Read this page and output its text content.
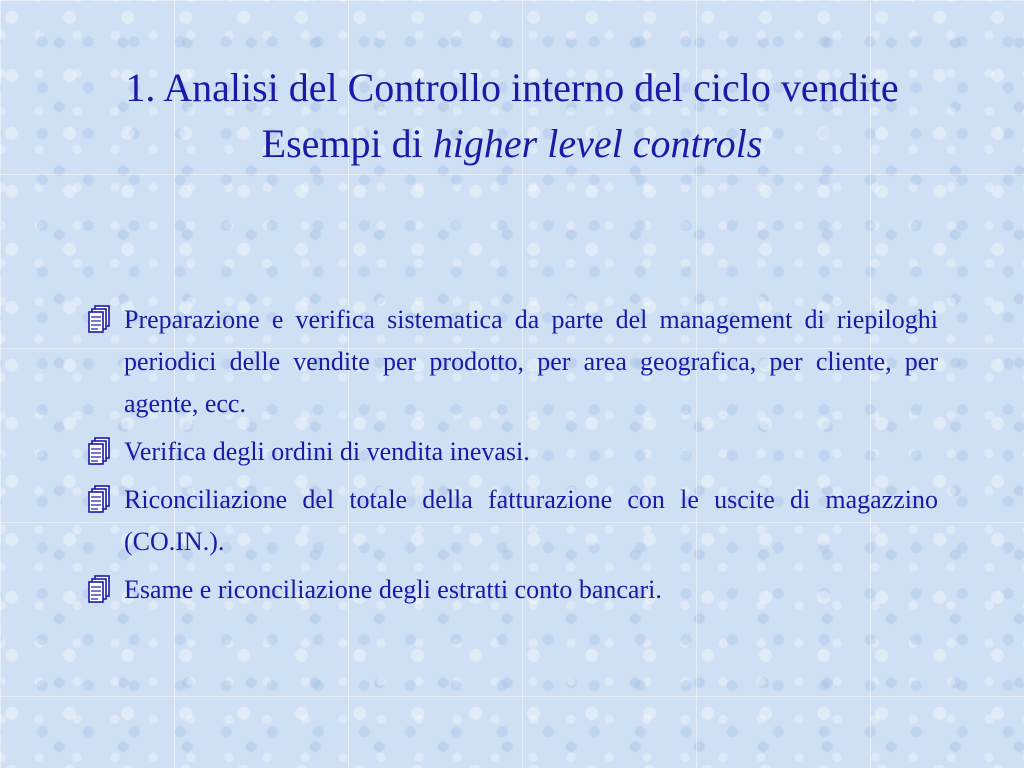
1. Analisi del Controllo interno del ciclo vendite
Esempi di higher level controls
Preparazione e verifica sistematica da parte del management di riepiloghi periodici delle vendite per prodotto, per area geografica, per cliente, per agente, ecc.
Verifica degli ordini di vendita inevasi.
Riconciliazione del totale della fatturazione con le uscite di magazzino (CO.IN.).
Esame e riconciliazione degli estratti conto bancari.
